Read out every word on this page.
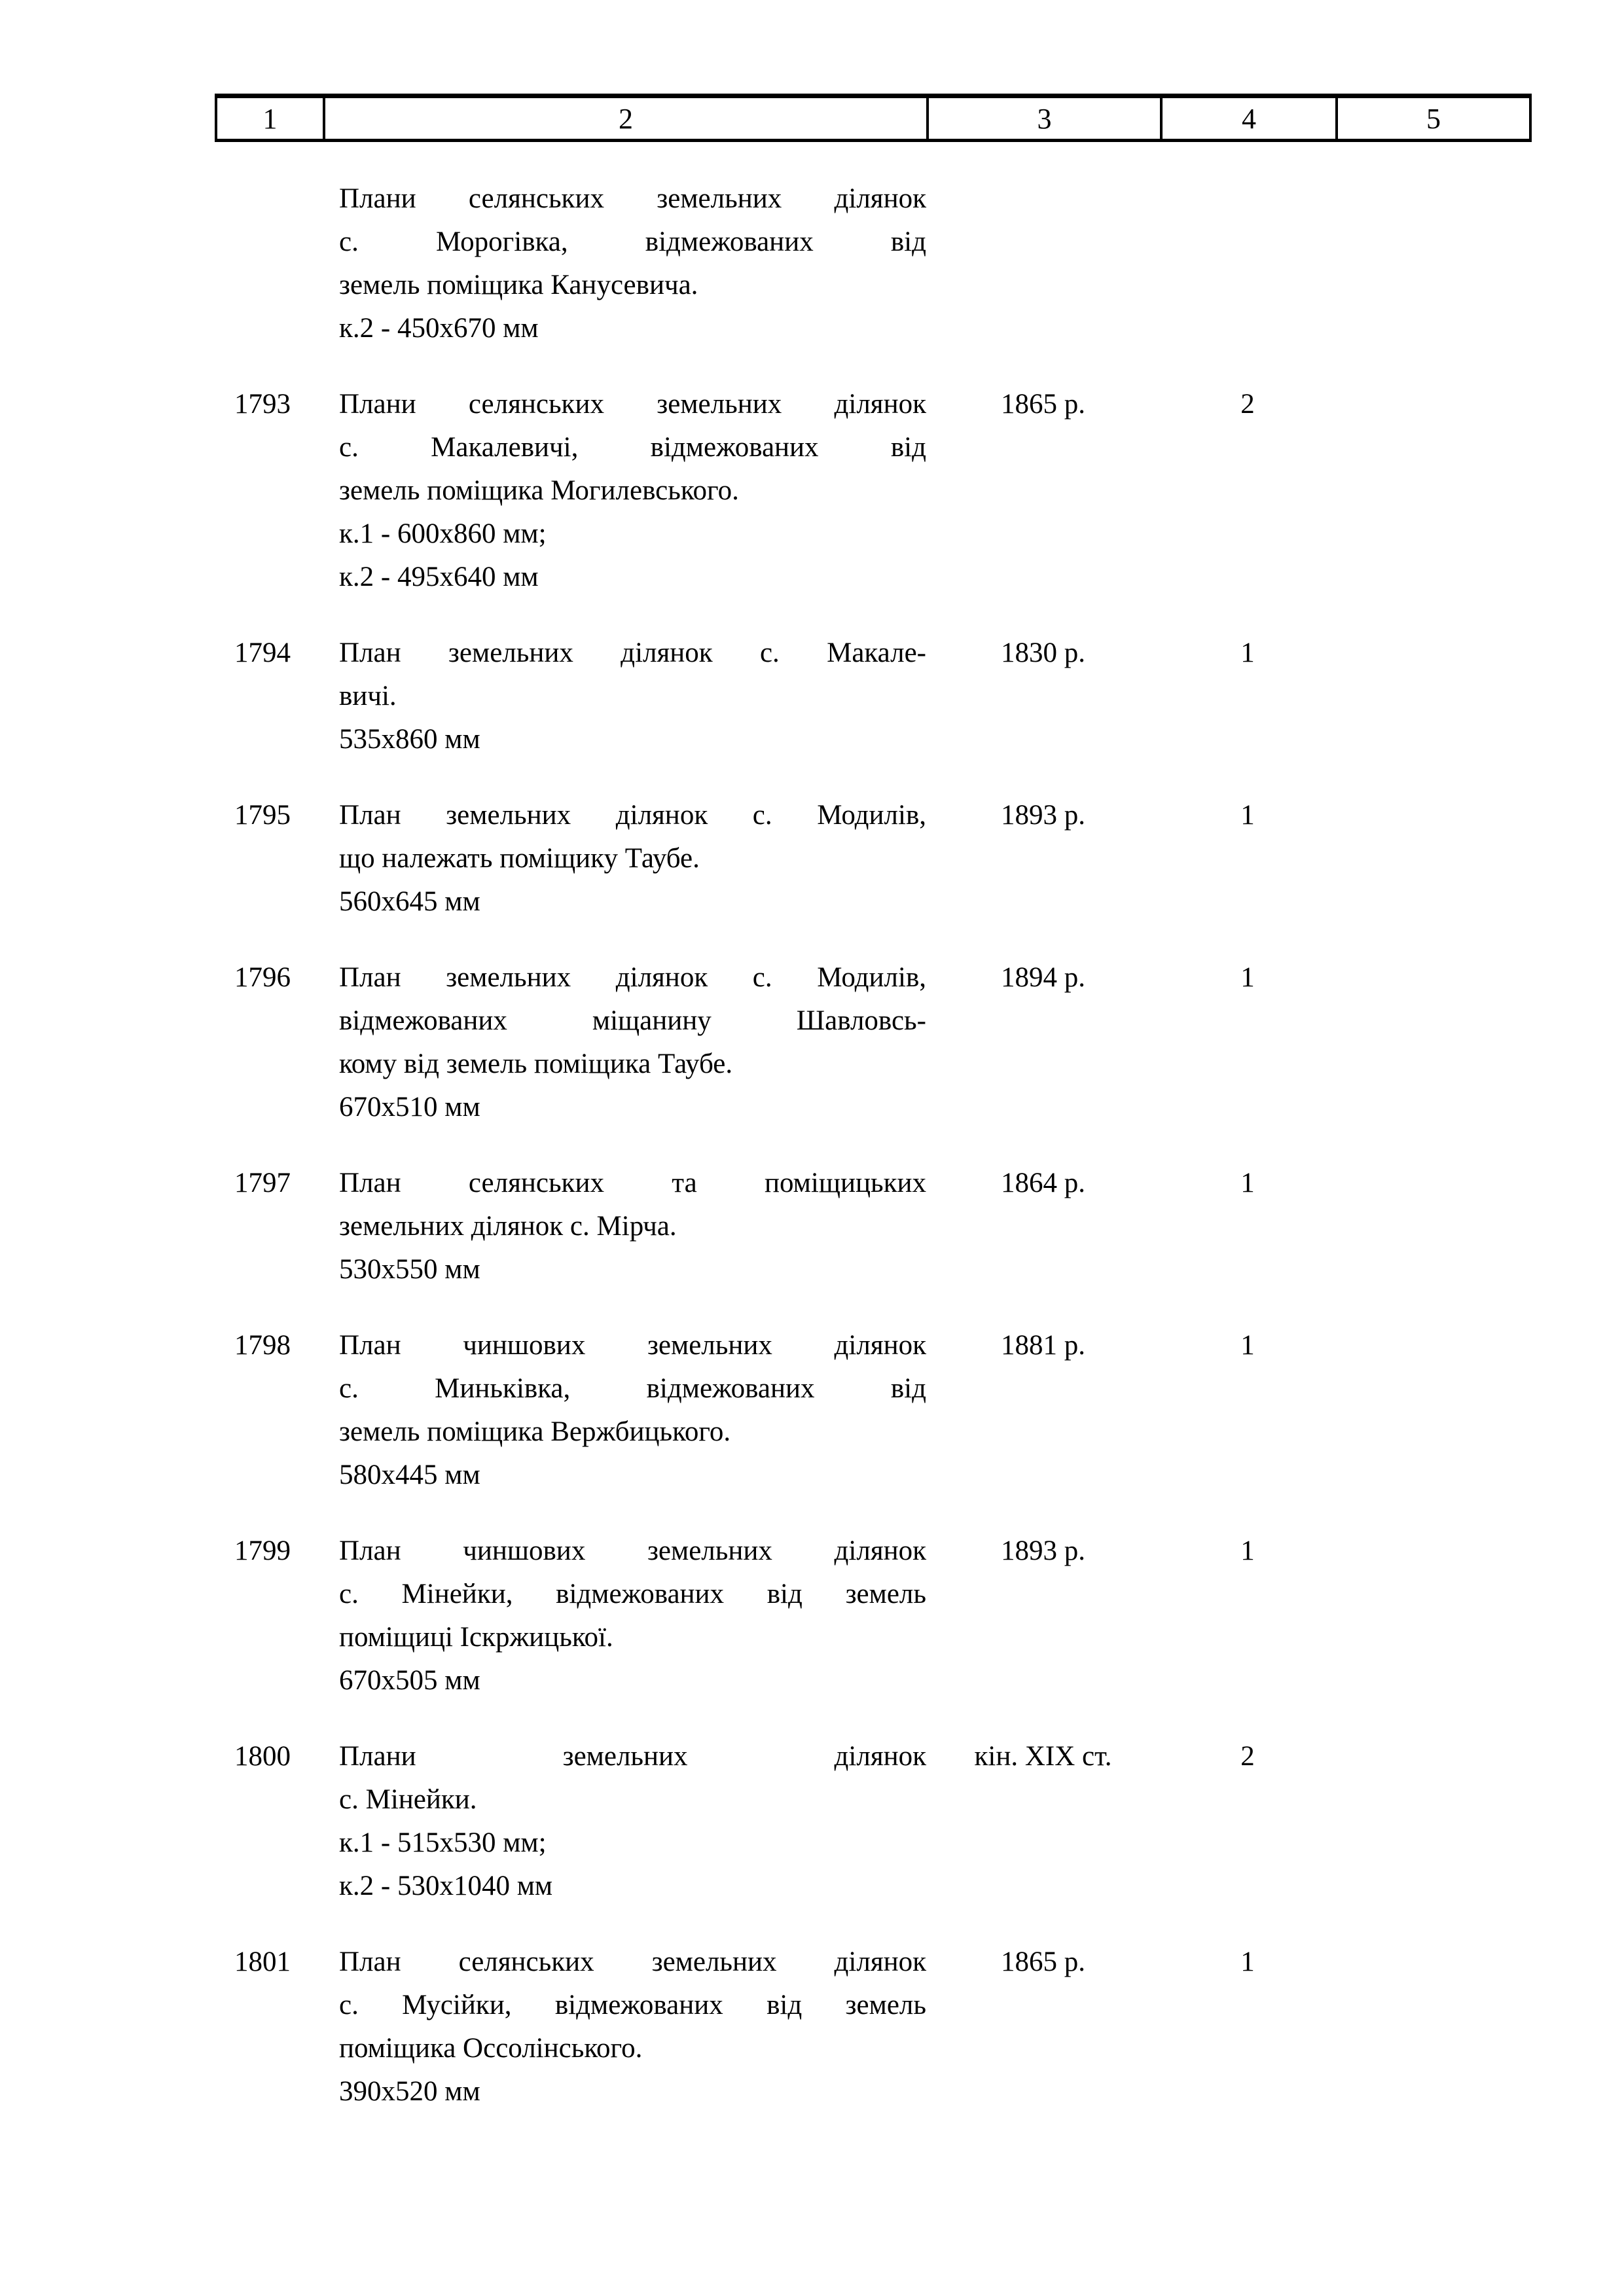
1	2	3	4	5
Плани селянських земельних ділянок
с. Морогівка, відмежованих від
земель поміщика Канусевича.
к.2 - 450х670 мм
1793	Плани селянських земельних ділянок
с. Макалевичі, відмежованих від
земель поміщика Могилевського.
к.1 - 600х860 мм;
к.2 - 495х640 мм
1865 р.	2
1794	План земельних ділянок с. Макале-
вичі.
535х860 мм
1830 р.	1
1795	План земельних ділянок с. Модилів,
що належать поміщику Таубе.
560х645 мм
1893 р.	1
1796	План земельних ділянок с. Модилів,
відмежованих міщанину Шавловсь-
кому від земель поміщика Таубе.
670х510 мм
1894 р.	1
1797	План селянських та поміщицьких
земельних ділянок с. Мірча.
530х550 мм
1864 р.	1
1798	План чиншових земельних ділянок
с. Миньківка, відмежованих від
земель поміщика Вержбицького.
580х445 мм
1881 р.	1
1799	План чиншових земельних ділянок
с. Мінейки, відмежованих від земель
поміщиці Іскржицької.
670х505 мм
1893 р.	1
1800	Плани земельних ділянок
с. Мінейки.
к.1 - 515х530 мм;
к.2 - 530х1040 мм
кін. XIX ст.	2
1801	План селянських земельних ділянок
с. Мусійки, відмежованих від земель
поміщика Оссолінського.
390х520 мм
1865 р.	1
